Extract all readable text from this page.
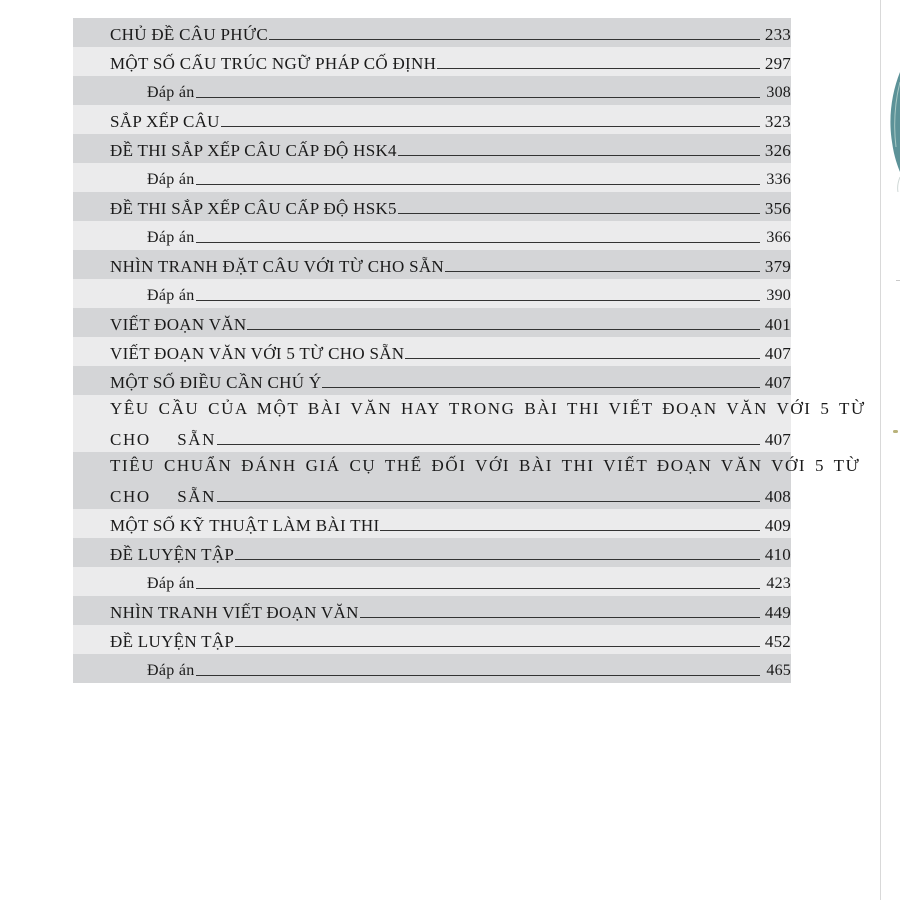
CHỦ ĐỀ CÂU PHỨC	233
MỘT SỐ CẤU TRÚC NGỮ PHÁP CỐ ĐỊNH	297
Đáp án	308
SẮP XẾP CÂU	323
ĐỀ THI SẮP XẾP CÂU CẤP ĐỘ HSK4	326
Đáp án	336
ĐỀ THI SẮP XẾP CÂU CẤP ĐỘ HSK5	356
Đáp án	366
NHÌN TRANH ĐẶT CÂU VỚI TỪ CHO SẴN	379
Đáp án	390
VIẾT ĐOẠN VĂN	401
VIẾT ĐOẠN VĂN VỚI 5 TỪ CHO SẴN	407
MỘT SỐ ĐIỀU CẦN CHÚ Ý	407
YÊU CẦU CỦA MỘT BÀI VĂN HAY TRONG BÀI THI VIẾT ĐOẠN VĂN VỚI 5 TỪ
CHO   SẴN	407
TIÊU CHUẨN ĐÁNH GIÁ CỤ THỂ ĐỐI VỚI BÀI THI VIẾT ĐOẠN VĂN VỚI 5 TỪ
CHO   SẴN	408
MỘT SỐ KỸ THUẬT LÀM BÀI THI	409
ĐỀ LUYỆN TẬP	410
Đáp án	423
NHÌN TRANH VIẾT ĐOẠN VĂN	449
ĐỀ LUYỆN TẬP	452
Đáp án	465
